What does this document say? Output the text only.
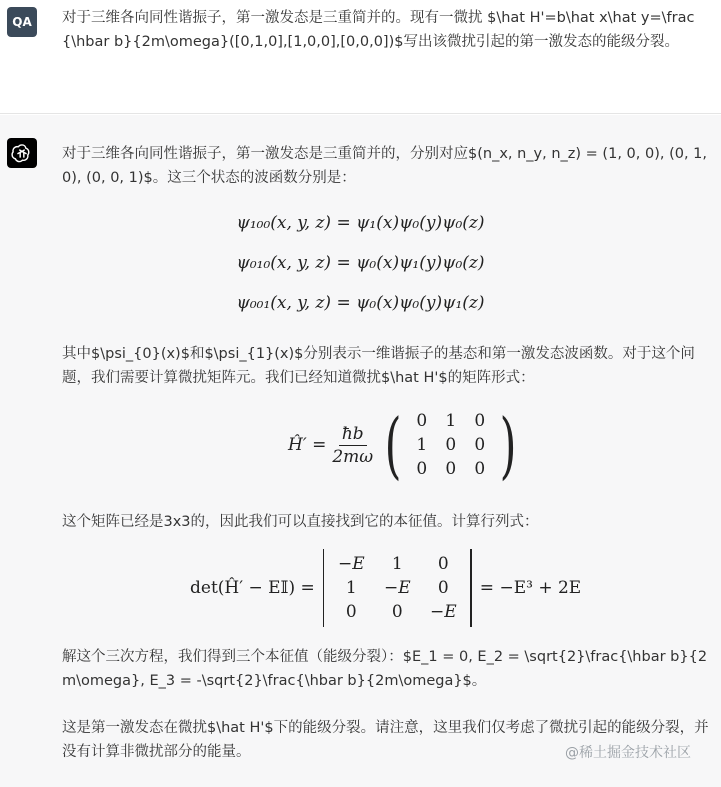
QA 对于三维各向同性谐振子，第一激发态是三重简并的。现有一微扰 $\hat H'=b\hat x\hat y=\frac{\hbar b}{2m\omega}([0,1,0],[1,0,0],[0,0,0])$写出该微扰引起的第一激发态的能级分裂。
对于三维各向同性谐振子，第一激发态是三重简并的，分别对应$(n_x, n_y, n_z) = (1, 0, 0), (0, 1, 0), (0, 0, 1)$。这三个状态的波函数分别是：
ψ₁₀₀(x, y, z) = ψ₁(x)ψ₀(y)ψ₀(z)
ψ₀₁₀(x, y, z) = ψ₀(x)ψ₁(y)ψ₀(z)
ψ₀₀₁(x, y, z) = ψ₀(x)ψ₀(y)ψ₁(z)
其中$\psi_{0}(x)$和$\psi_{1}(x)$分别表示一维谐振子的基态和第一激发态波函数。对于这个问题，我们需要计算微扰矩阵元。我们已经知道微扰$\hat H'$的矩阵形式：
Ĥ′ = $\frac{ħb}{2m\omega}$ ( 0	1	0
1	0	0
0	0	0 )
这个矩阵已经是3x3的，因此我们可以直接找到它的本征值。计算行列式：
det(Ĥ′ − E𝕀) =
−E	1	0
1	−E	0
0	0	−E
= −E³ + 2E
解这个三次方程，我们得到三个本征值（能级分裂）：$E_1 = 0, E_2 = \sqrt{2}\frac{\hbar b}{2m\omega}, E_3 = -\sqrt{2}\frac{\hbar b}{2m\omega}$。
这是第一激发态在微扰$\hat H'$下的能级分裂。请注意，这里我们仅考虑了微扰引起的能级分裂，并没有计算非微扰部分的能量。	@稀土掘金技术社区
